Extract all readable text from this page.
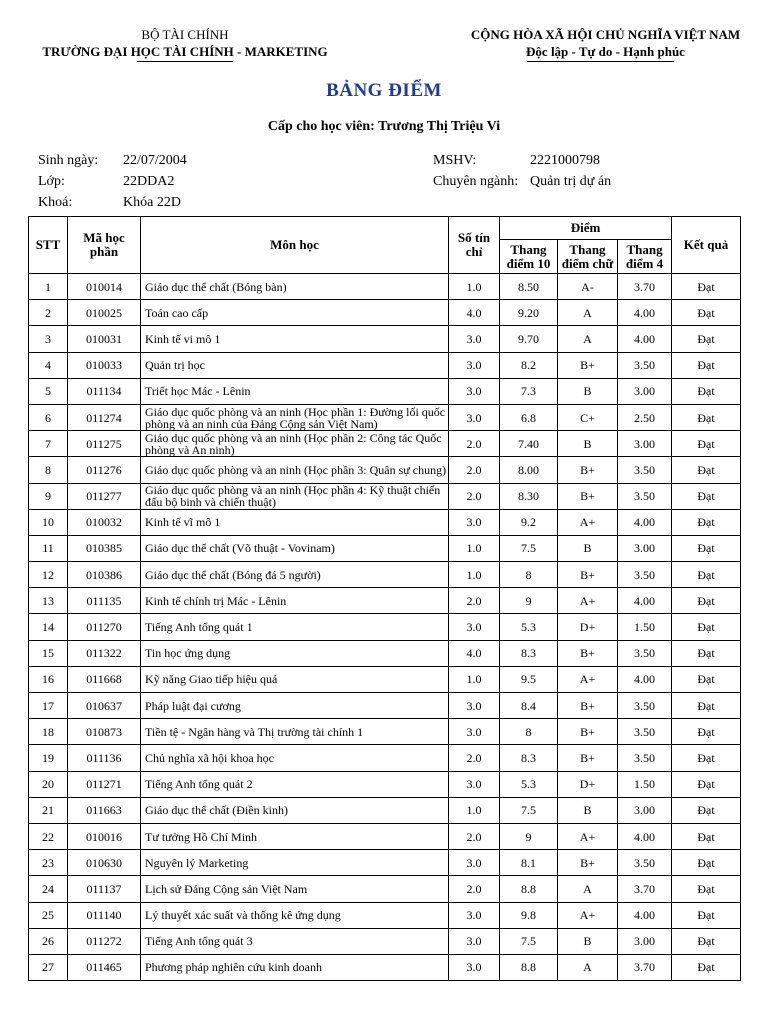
BỘ TÀI CHÍNH
TRƯỜNG ĐẠI HỌC TÀI CHÍNH - MARKETING
CỘNG HÒA XÃ HỘI CHỦ NGHĨA VIỆT NAM
Độc lập - Tự do - Hạnh phúc
BẢNG ĐIỂM
Cấp cho học viên: Trương Thị Triệu Vi
Sinh ngày: 22/07/2004
Lớp:	22DDA2
Khoá:	Khóa 22D
MSHV:	2221000798
Chuyên ngành: Quản trị dự án
STT	Mã học phần	Môn học	Số tín chỉ	Điểm			Kết quả
				Thang điểm 10	Thang điểm chữ	Thang điểm 4	
1	010014	Giáo dục thể chất (Bóng bàn)	1.0	8.50	A-	3.70	Đạt
2	010025	Toán cao cấp	4.0	9.20	A	4.00	Đạt
3	010031	Kinh tế vi mô 1	3.0	9.70	A	4.00	Đạt
4	010033	Quản trị học	3.0	8.2	B+	3.50	Đạt
5	011134	Triết học Mác - Lênin	3.0	7.3	B	3.00	Đạt
6	011274	Giáo dục quốc phòng và an ninh (Học phần 1: Đường lối quốc phòng và an ninh của Đảng Cộng sản Việt Nam)	3.0	6.8	C+	2.50	Đạt
7	011275	Giáo dục quốc phòng và an ninh (Học phần 2: Công tác Quốc phòng và An ninh)	2.0	7.40	B	3.00	Đạt
8	011276	Giáo dục quốc phòng và an ninh (Học phần 3: Quân sự chung)	2.0	8.00	B+	3.50	Đạt
9	011277	Giáo dục quốc phòng và an ninh (Học phần 4: Kỹ thuật chiến đấu bộ binh và chiến thuật)	2.0	8.30	B+	3.50	Đạt
10	010032	Kinh tế vĩ mô 1	3.0	9.2	A+	4.00	Đạt
11	010385	Giáo dục thể chất (Võ thuật - Vovinam)	1.0	7.5	B	3.00	Đạt
12	010386	Giáo dục thể chất (Bóng đá 5 người)	1.0	8	B+	3.50	Đạt
13	011135	Kinh tế chính trị Mác - Lênin	2.0	9	A+	4.00	Đạt
14	011270	Tiếng Anh tổng quát 1	3.0	5.3	D+	1.50	Đạt
15	011322	Tin học ứng dụng	4.0	8.3	B+	3.50	Đạt
16	011668	Kỹ năng Giao tiếp hiệu quả	1.0	9.5	A+	4.00	Đạt
17	010637	Pháp luật đại cương	3.0	8.4	B+	3.50	Đạt
18	010873	Tiền tệ - Ngân hàng và Thị trường tài chính 1	3.0	8	B+	3.50	Đạt
19	011136	Chủ nghĩa xã hội khoa học	2.0	8.3	B+	3.50	Đạt
20	011271	Tiếng Anh tổng quát 2	3.0	5.3	D+	1.50	Đạt
21	011663	Giáo dục thể chất (Điền kinh)	1.0	7.5	B	3.00	Đạt
22	010016	Tư tưởng Hồ Chí Minh	2.0	9	A+	4.00	Đạt
23	010630	Nguyên lý Marketing	3.0	8.1	B+	3.50	Đạt
24	011137	Lịch sử Đảng Cộng sản Việt Nam	2.0	8.8	A	3.70	Đạt
25	011140	Lý thuyết xác suất và thống kê ứng dụng	3.0	9.8	A+	4.00	Đạt
26	011272	Tiếng Anh tổng quát 3	3.0	7.5	B	3.00	Đạt
27	011465	Phương pháp nghiên cứu kinh doanh	3.0	8.8	A	3.70	Đạt
